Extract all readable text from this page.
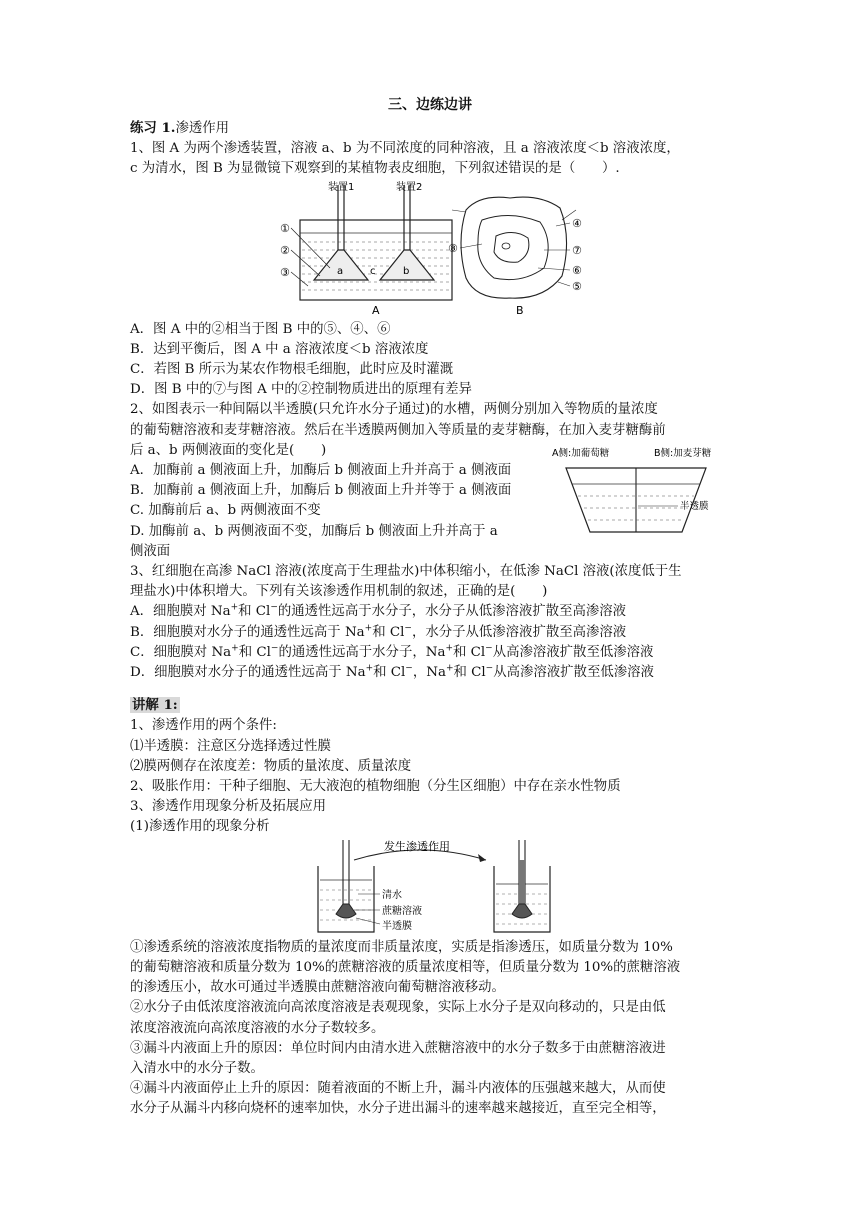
三、边练边讲
练习 1.渗透作用
1、图 A 为两个渗透装置，溶液 a、b 为不同浓度的同种溶液，且 a 溶液浓度＜b 溶液浓度，
c 为清水，图 B 为显微镜下观察到的某植物表皮细胞，下列叙述错误的是（　　）.
装置1	装置2
①
②
③	a	b
c
A
④
⑦
⑥
⑤
⑧
B
A．图 A 中的②相当于图 B 中的⑤、④、⑥
B．达到平衡后，图 A 中 a 溶液浓度＜b 溶液浓度
C．若图 B 所示为某农作物根毛细胞，此时应及时灌溉
D．图 B 中的⑦与图 A 中的②控制物质进出的原理有差异
2、如图表示一种间隔以半透膜(只允许水分子通过)的水槽，两侧分别加入等物质的量浓度
的葡萄糖溶液和麦芽糖溶液。然后在半透膜两侧加入等质量的麦芽糖酶，在加入麦芽糖酶前
后 a、b 两侧液面的变化是(　　)
A．加酶前 a 侧液面上升，加酶后 b 侧液面上升并高于 a 侧液面
B．加酶前 a 侧液面上升，加酶后 b 侧液面上升并等于 a 侧液面
C. 加酶前后 a、b 两侧液面不变
D. 加酶前 a、b 两侧液面不变，加酶后 b 侧液面上升并高于 a
侧液面
A侧:加葡萄糖	B侧:加麦芽糖
半透膜
3、红细胞在高渗 NaCl 溶液(浓度高于生理盐水)中体积缩小，在低渗 NaCl 溶液(浓度低于生
理盐水)中体积增大。下列有关该渗透作用机制的叙述，正确的是(　　)
A．细胞膜对 Na+和 Cl−的通透性远高于水分子，水分子从低渗溶液扩散至高渗溶液
B．细胞膜对水分子的通透性远高于 Na+和 Cl−，水分子从低渗溶液扩散至高渗溶液
C．细胞膜对 Na+和 Cl−的通透性远高于水分子，Na+和 Cl−从高渗溶液扩散至低渗溶液
D．细胞膜对水分子的通透性远高于 Na+和 Cl−，Na+和 Cl−从高渗溶液扩散至低渗溶液
讲解 1:
1、渗透作用的两个条件:
⑴半透膜：注意区分选择透过性膜
⑵膜两侧存在浓度差：物质的量浓度、质量浓度
2、吸胀作用：干种子细胞、无大液泡的植物细胞（分生区细胞）中存在亲水性物质
3、渗透作用现象分析及拓展应用
(1)渗透作用的现象分析
发生渗透作用
清水
蔗糖溶液
半透膜
①渗透系统的溶液浓度指物质的量浓度而非质量浓度，实质是指渗透压，如质量分数为 10%
的葡萄糖溶液和质量分数为 10%的蔗糖溶液的质量浓度相等，但质量分数为 10%的蔗糖溶液
的渗透压小，故水可通过半透膜由蔗糖溶液向葡萄糖溶液移动。
②水分子由低浓度溶液流向高浓度溶液是表观现象，实际上水分子是双向移动的，只是由低
浓度溶液流向高浓度溶液的水分子数较多。
③漏斗内液面上升的原因：单位时间内由清水进入蔗糖溶液中的水分子数多于由蔗糖溶液进
入清水中的水分子数。
④漏斗内液面停止上升的原因：随着液面的不断上升，漏斗内液体的压强越来越大，从而使
水分子从漏斗内移向烧杯的速率加快，水分子进出漏斗的速率越来越接近，直至完全相等，
